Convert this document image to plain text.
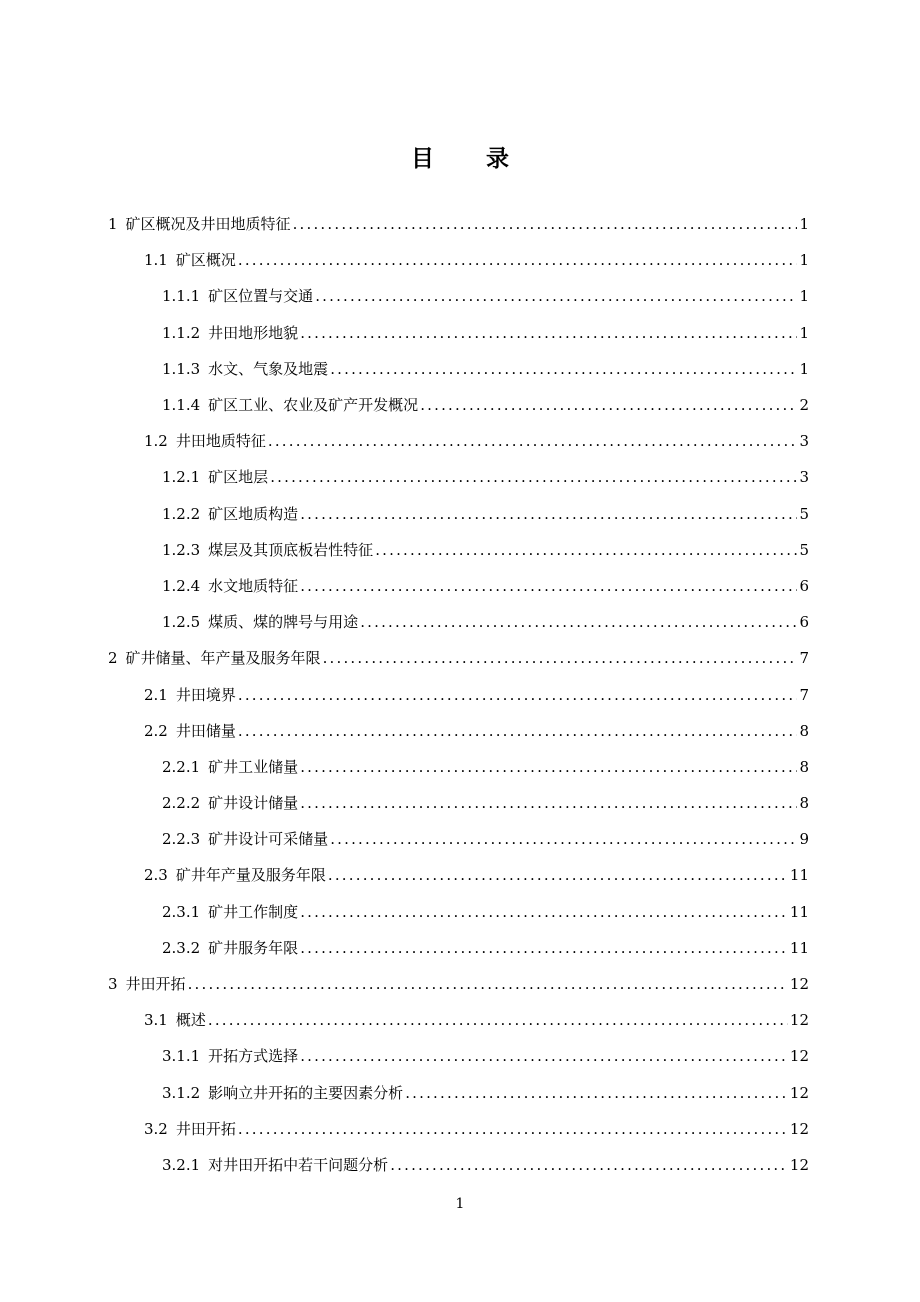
目 录
1 矿区概况及井田地质特征 .....	1
1.1 矿区概况 .....	1
1.1.1 矿区位置与交通 .....	1
1.1.2 井田地形地貌 .....	1
1.1.3 水文、气象及地震 .....	1
1.1.4 矿区工业、农业及矿产开发概况 .....	2
1.2 井田地质特征 .....	3
1.2.1 矿区地层 .....	3
1.2.2 矿区地质构造 .....	5
1.2.3 煤层及其顶底板岩性特征 .....	5
1.2.4 水文地质特征 .....	6
1.2.5 煤质、煤的牌号与用途 .....	6
2 矿井储量、年产量及服务年限 .....	7
2.1 井田境界 .....	7
2.2 井田储量 .....	8
2.2.1 矿井工业储量 .....	8
2.2.2 矿井设计储量 .....	8
2.2.3 矿井设计可采储量 .....	9
2.3 矿井年产量及服务年限 .....	11
2.3.1 矿井工作制度 .....	11
2.3.2 矿井服务年限 .....	11
3 井田开拓 .....	12
3.1 概述 .....	12
3.1.1 开拓方式选择 .....	12
3.1.2 影响立井开拓的主要因素分析 .....	12
3.2 井田开拓 .....	12
3.2.1 对井田开拓中若干问题分析 .....	12
1
